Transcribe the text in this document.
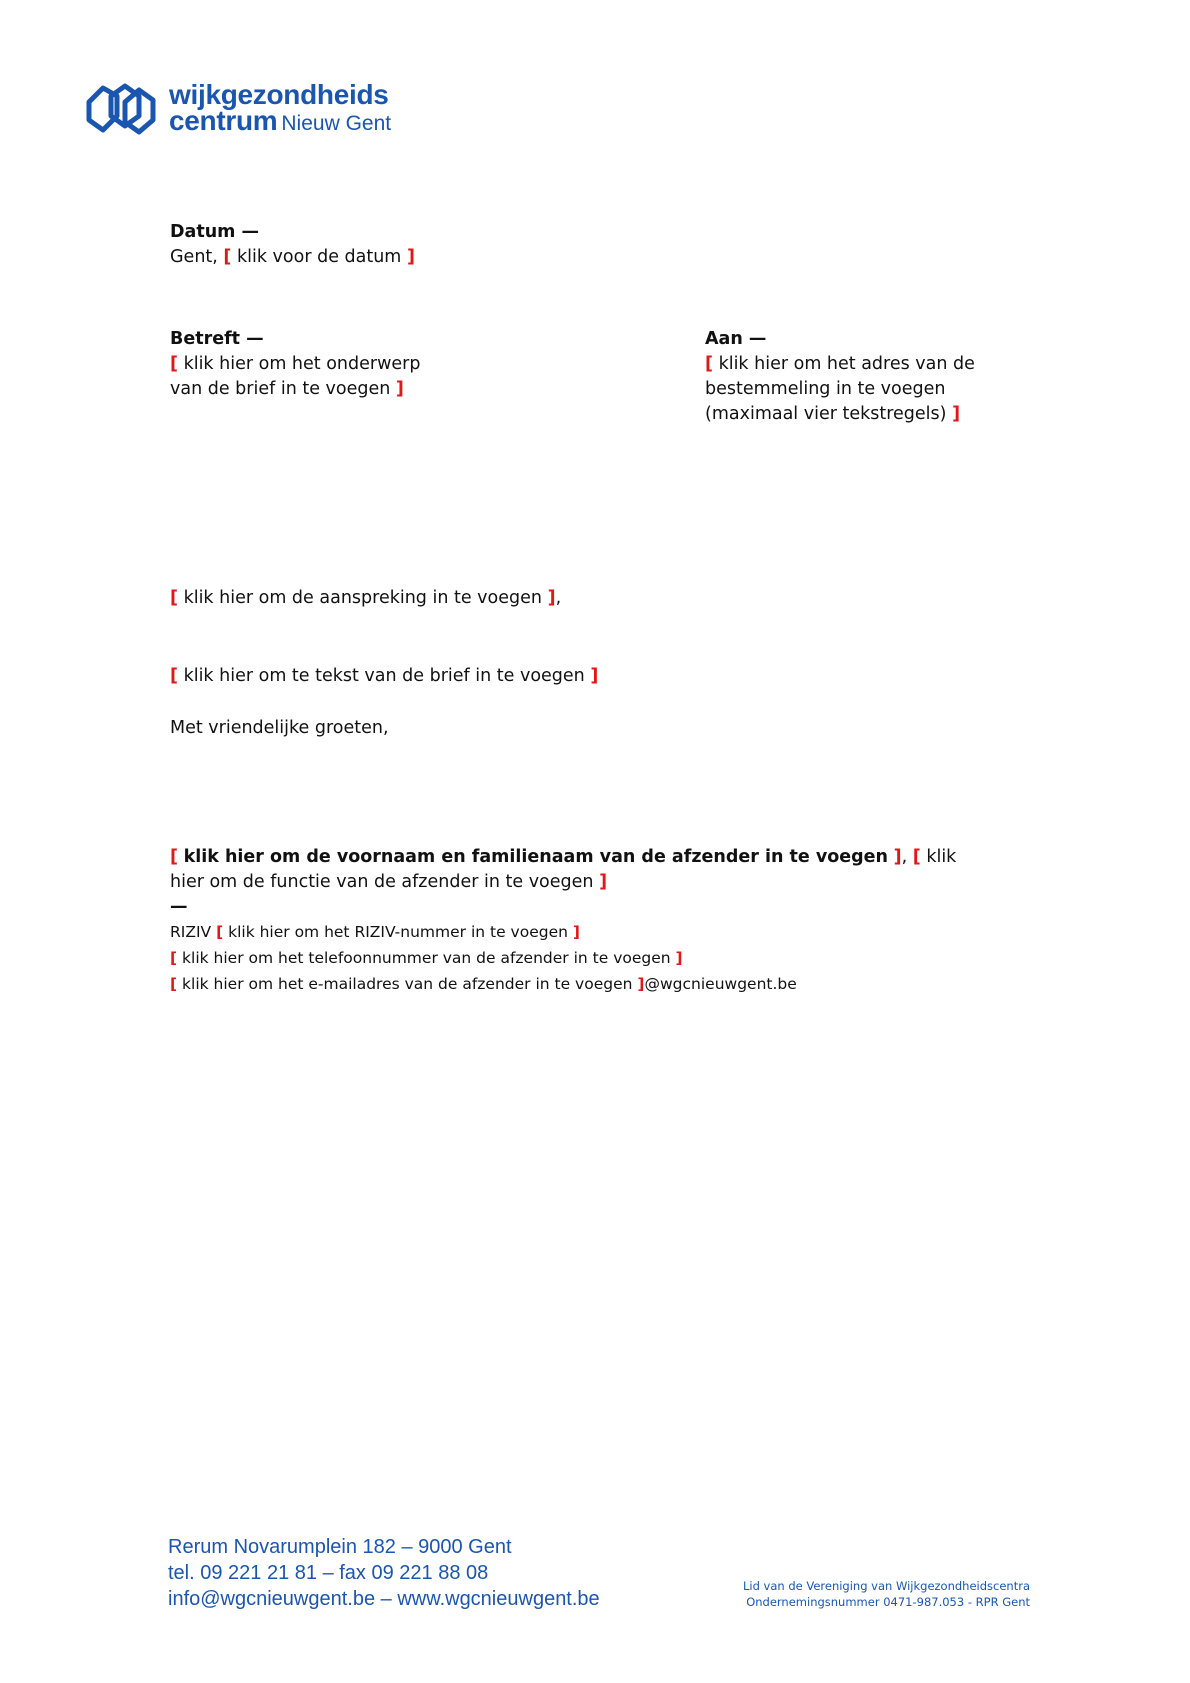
wijkgezondheids
centrum Nieuw Gent
Datum —
Gent, [ klik voor de datum ]
Betreft —
[ klik hier om het onderwerp
van de brief in te voegen ]
Aan —
[ klik hier om het adres van de
bestemmeling in te voegen
(maximaal vier tekstregels) ]
[ klik hier om de aanspreking in te voegen ],
[ klik hier om te tekst van de brief in te voegen ]
Met vriendelijke groeten,
[ klik hier om de voornaam en familienaam van de afzender in te voegen ], [ klik
hier om de functie van de afzender in te voegen ]
—
RIZIV [ klik hier om het RIZIV-nummer in te voegen ]
[ klik hier om het telefoonnummer van de afzender in te voegen ]
[ klik hier om het e-mailadres van de afzender in te voegen ]@wgcnieuwgent.be
Rerum Novarumplein 182 – 9000 Gent
tel. 09 221 21 81 – fax 09 221 88 08
info@wgcnieuwgent.be – www.wgcnieuwgent.be
Lid van de Vereniging van Wijkgezondheidscentra
Ondernemingsnummer 0471-987.053 - RPR Gent
